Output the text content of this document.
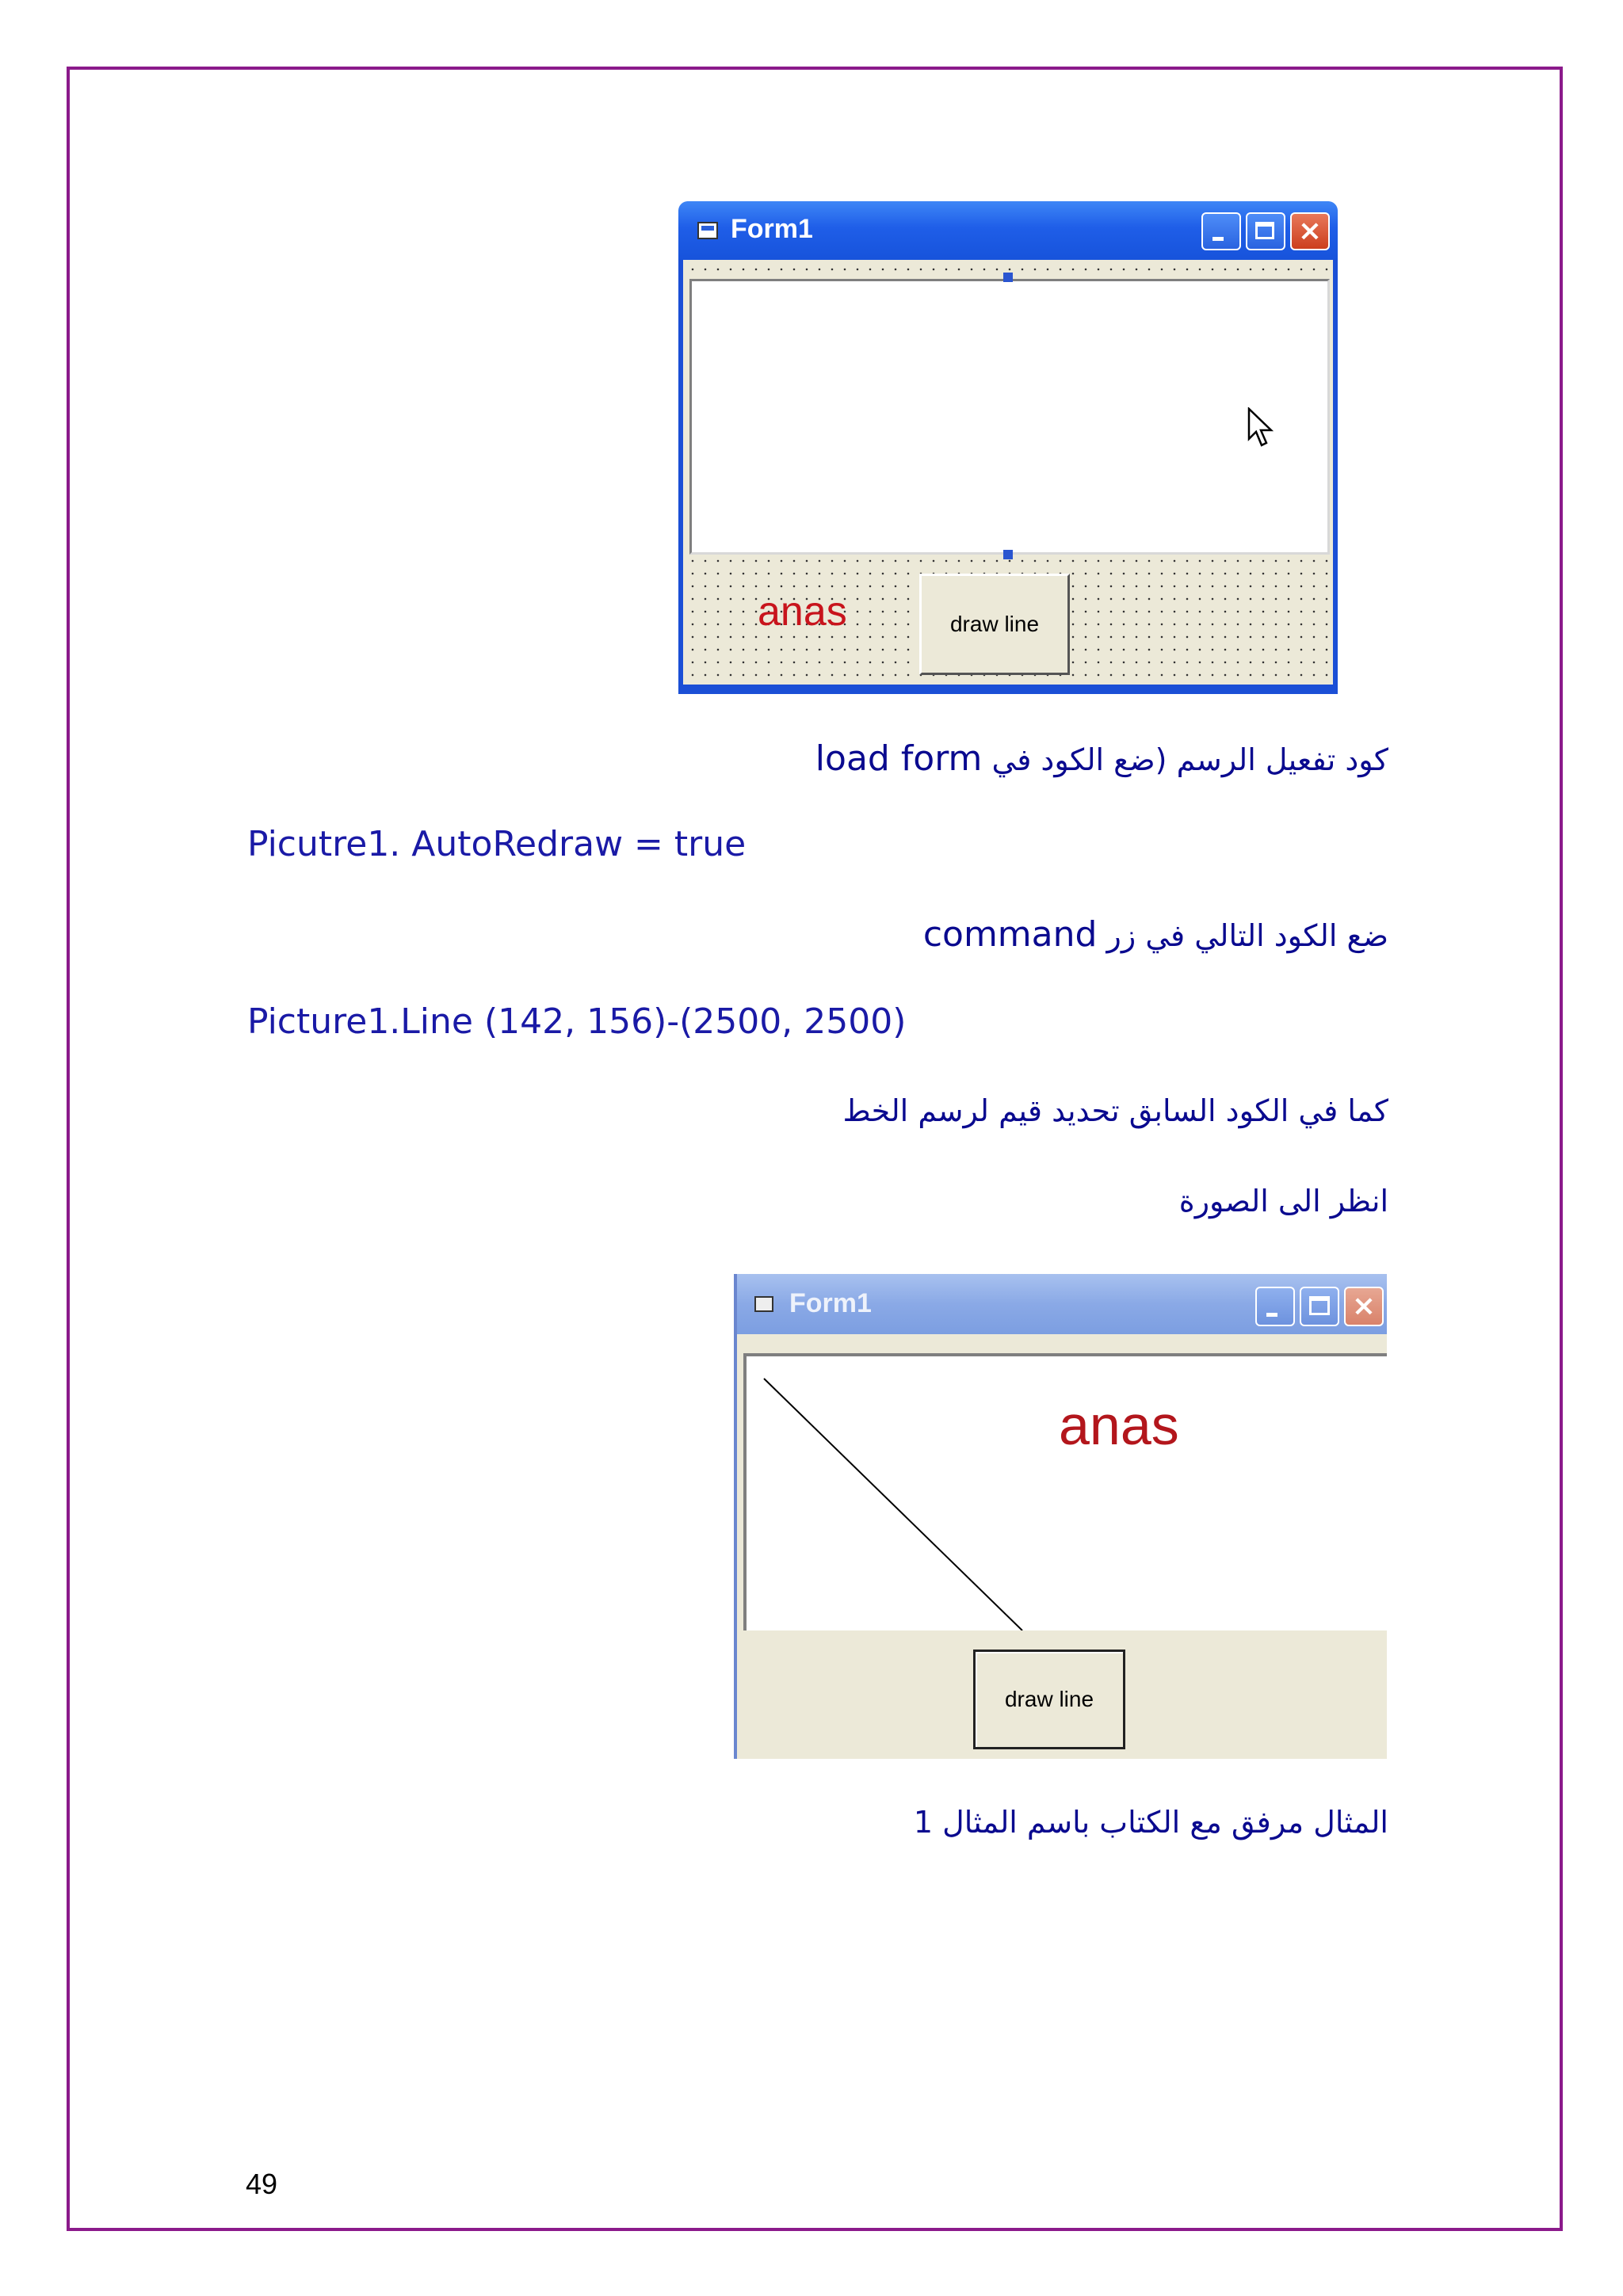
Form1	×
anas	draw line
كود تفعيل الرسم (ضع الكود في load form
Picutre1. AutoRedraw = true
ضع الكود التالي في زر command
Picture1.Line (142, 156)-(2500, 2500)
كما في الكود السابق تحديد قيم لرسم الخط
انظر الى الصورة
Form1	×
anas
draw line
المثال مرفق مع الكتاب باسم المثال 1
49
